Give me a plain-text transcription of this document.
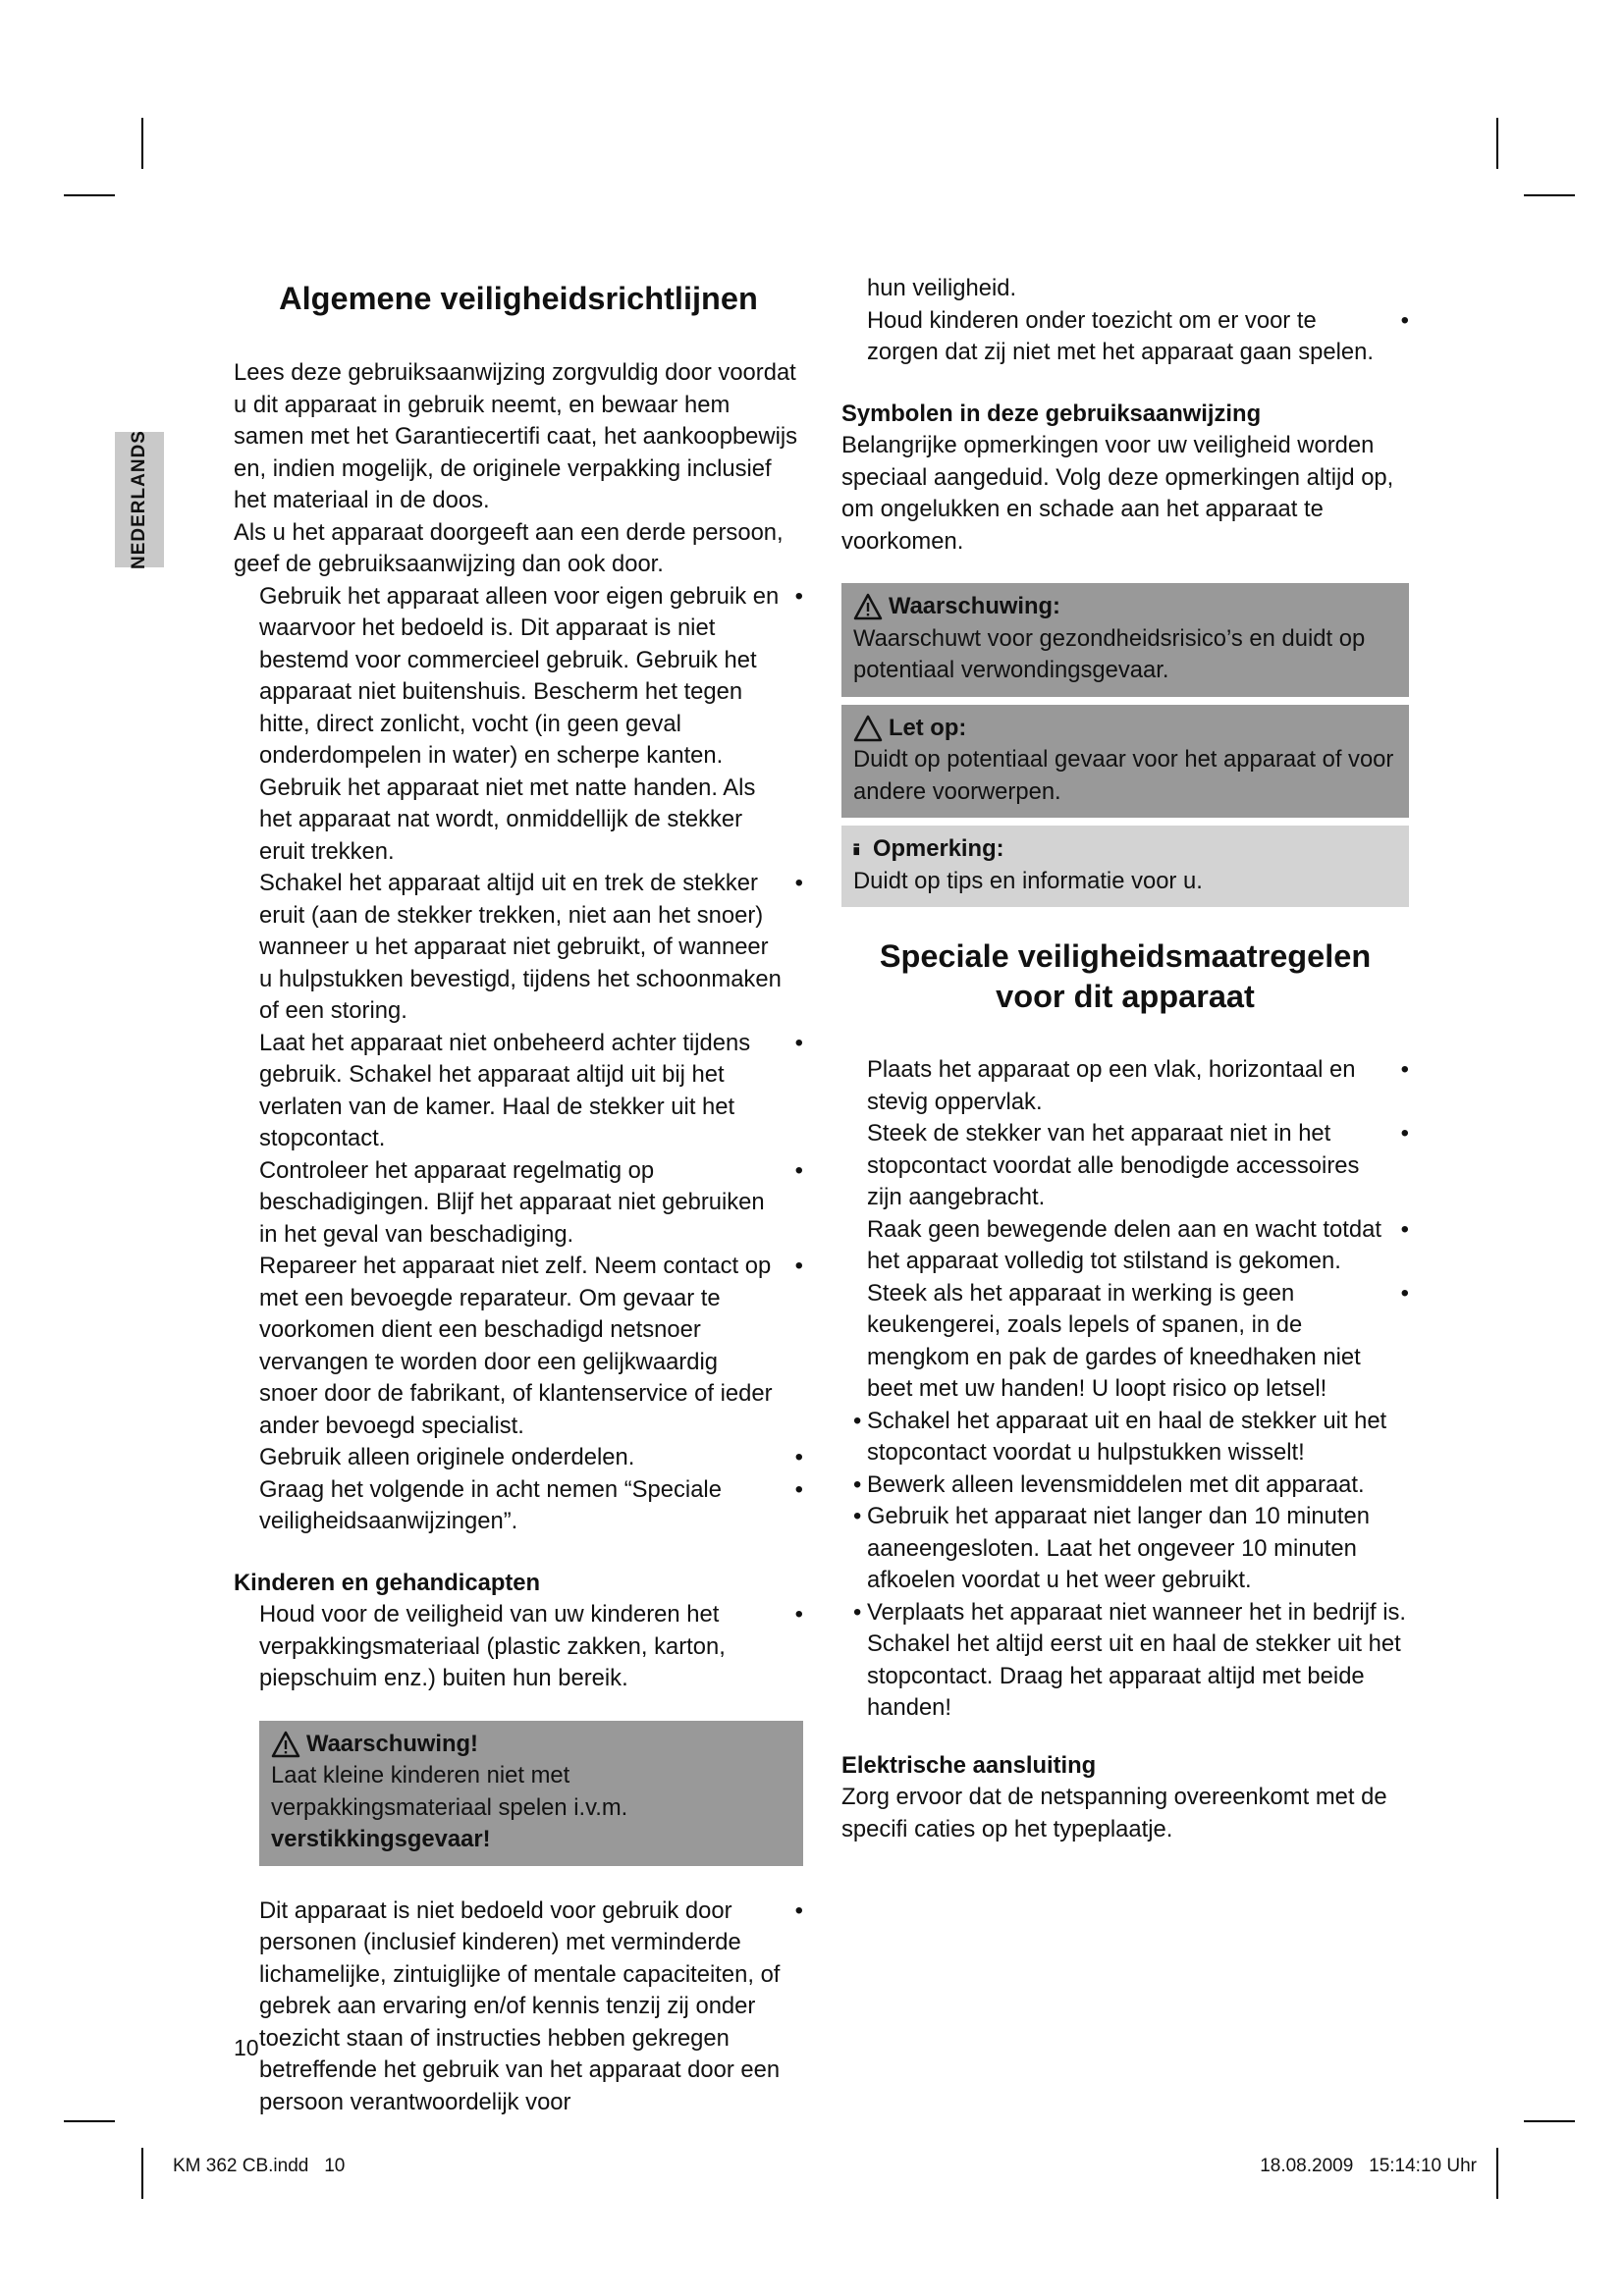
NEDERLANDS
Algemene veiligheidsrichtlijnen

Lees deze gebruiksaanwijzing zorgvuldig door voordat u dit apparaat in gebruik neemt, en bewaar hem samen met het Garantiecertifi caat, het aankoopbewijs en, indien mogelijk, de originele verpakking inclusief het materiaal in de doos.

Als u het apparaat doorgeeft aan een derde persoon, geef de gebruiksaanwijzing dan ook door.

Gebruik het apparaat alleen voor eigen gebruik en waarvoor het bedoeld is. Dit apparaat is niet bestemd voor commercieel gebruik. Gebruik het apparaat niet buitenshuis. Bescherm het tegen hitte, direct zonlicht, vocht (in geen geval onderdompelen in water) en scherpe kanten. Gebruik het apparaat niet met natte handen. Als het apparaat nat wordt, onmiddellijk de stekker eruit trekken. •
Schakel het apparaat altijd uit en trek de stekker eruit (aan de stekker trekken, niet aan het snoer) wanneer u het apparaat niet gebruikt, of wanneer u hulpstukken bevestigd, tijdens het schoonmaken of een storing. •
Laat het apparaat niet onbeheerd achter tijdens gebruik. Schakel het apparaat altijd uit bij het verlaten van de kamer. Haal de stekker uit het stopcontact. •
Controleer het apparaat regelmatig op beschadigingen. Blijf het apparaat niet gebruiken in het geval van beschadiging. •
Repareer het apparaat niet zelf. Neem contact op met een bevoegde reparateur. Om gevaar te voorkomen dient een beschadigd netsnoer vervangen te worden door een gelijkwaardig snoer door de fabrikant, of klantenservice of ieder ander bevoegd specialist. •
Gebruik alleen originele onderdelen. •
Graag het volgende in acht nemen “Speciale veiligheidsaanwijzingen”. •

Kinderen en gehandicapten

Houd voor de veiligheid van uw kinderen het verpakkingsmateriaal (plastic zakken, karton, piepschuim enz.) buiten hun bereik. •
Waarschuwing!
Laat kleine kinderen niet met verpakkingsmateriaal spelen i.v.m. verstikkingsgevaar!
Dit apparaat is niet bedoeld voor gebruik door personen (inclusief kinderen) met verminderde lichamelijke, zintuiglijke of mentale capaciteiten, of gebrek aan ervaring en/of kennis tenzij zij onder toezicht staan of instructies hebben gekregen betreffende het gebruik van het apparaat door een persoon verantwoordelijk voor •
hun veiligheid.
Houd kinderen onder toezicht om er voor te zorgen dat zij niet met het apparaat gaan spelen. •

Symbolen in deze gebruiksaanwijzing

Belangrijke opmerkingen voor uw veiligheid worden speciaal aangeduid. Volg deze opmerkingen altijd op, om ongelukken en schade aan het apparaat te voorkomen.

Waarschuwing:
Waarschuwt voor gezondheidsrisico’s en duidt op potentiaal verwondingsgevaar.
Let op:
Duidt op potentiaal gevaar voor het apparaat of voor andere voorwerpen.
Opmerking:
Duidt op tips en informatie voor u.
Speciale veiligheidsmaatregelen voor dit apparaat
Plaats het apparaat op een vlak, horizontaal en stevig oppervlak. •
Steek de stekker van het apparaat niet in het stopcontact voordat alle benodigde accessoires zijn aangebracht. •
Raak geen bewegende delen aan en wacht totdat het apparaat volledig tot stilstand is gekomen. •
Steek als het apparaat in werking is geen keukengerei, zoals lepels of spanen, in de mengkom en pak de gardes of kneedhaken niet beet met uw handen! U loopt risico op letsel! •
• Schakel het apparaat uit en haal de stekker uit het stopcontact voordat u hulpstukken wisselt!
• Bewerk alleen levensmiddelen met dit apparaat.
• Gebruik het apparaat niet langer dan 10 minuten aaneengesloten. Laat het ongeveer 10 minuten afkoelen voordat u het weer gebruikt.
• Verplaats het apparaat niet wanneer het in bedrijf is. Schakel het altijd eerst uit en haal de stekker uit het stopcontact. Draag het apparaat altijd met beide handen!

Elektrische aansluiting

Zorg ervoor dat de netspanning overeenkomt met de specifi caties op het typeplaatje.

10
KM 362 CB.indd   10	18.08.2009   15:14:10 Uhr
